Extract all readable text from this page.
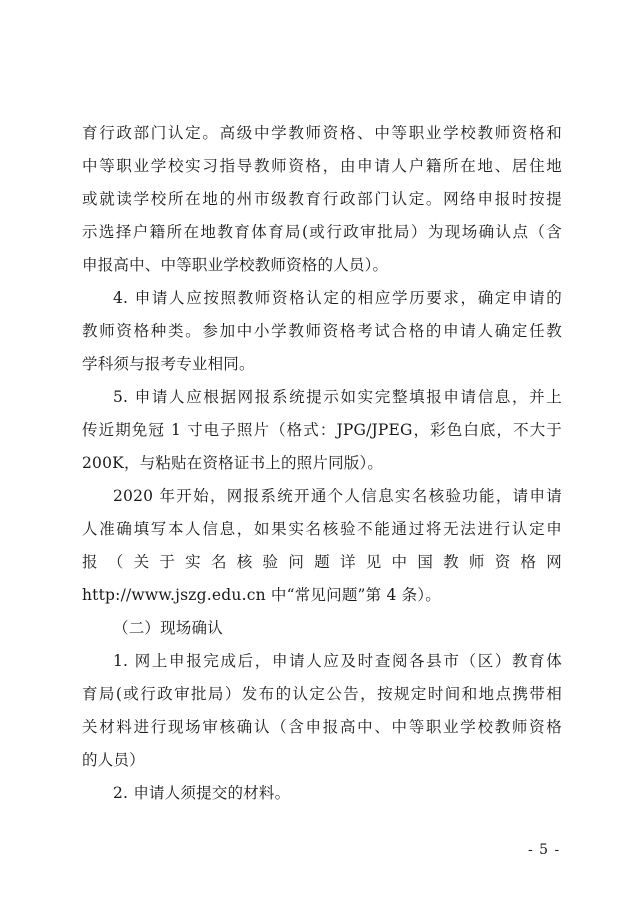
育行政部门认定。高级中学教师资格、中等职业学校教师资格和
中等职业学校实习指导教师资格，由申请人户籍所在地、居住地
或就读学校所在地的州市级教育行政部门认定。网络申报时按提
示选择户籍所在地教育体育局(或行政审批局）为现场确认点（含
申报高中、中等职业学校教师资格的人员）。
4. 申请人应按照教师资格认定的相应学历要求，确定申请的
教师资格种类。参加中小学教师资格考试合格的申请人确定任教
学科须与报考专业相同。
5. 申请人应根据网报系统提示如实完整填报申请信息，并上
传近期免冠 1 寸电子照片（格式：JPG/JPEG，彩色白底，不大于
200K，与粘贴在资格证书上的照片同版）。
2020 年开始，网报系统开通个人信息实名核验功能，请申请
人准确填写本人信息，如果实名核验不能通过将无法进行认定申
报（关于实名核验问题详见中国教师资格网
http://www.jszg.edu.cn 中“常见问题”第 4 条）。
（二）现场确认
1. 网上申报完成后，申请人应及时查阅各县市（区）教育体
育局(或行政审批局）发布的认定公告，按规定时间和地点携带相
关材料进行现场审核确认（含申报高中、中等职业学校教师资格
的人员）
2. 申请人须提交的材料。
- 5 -
